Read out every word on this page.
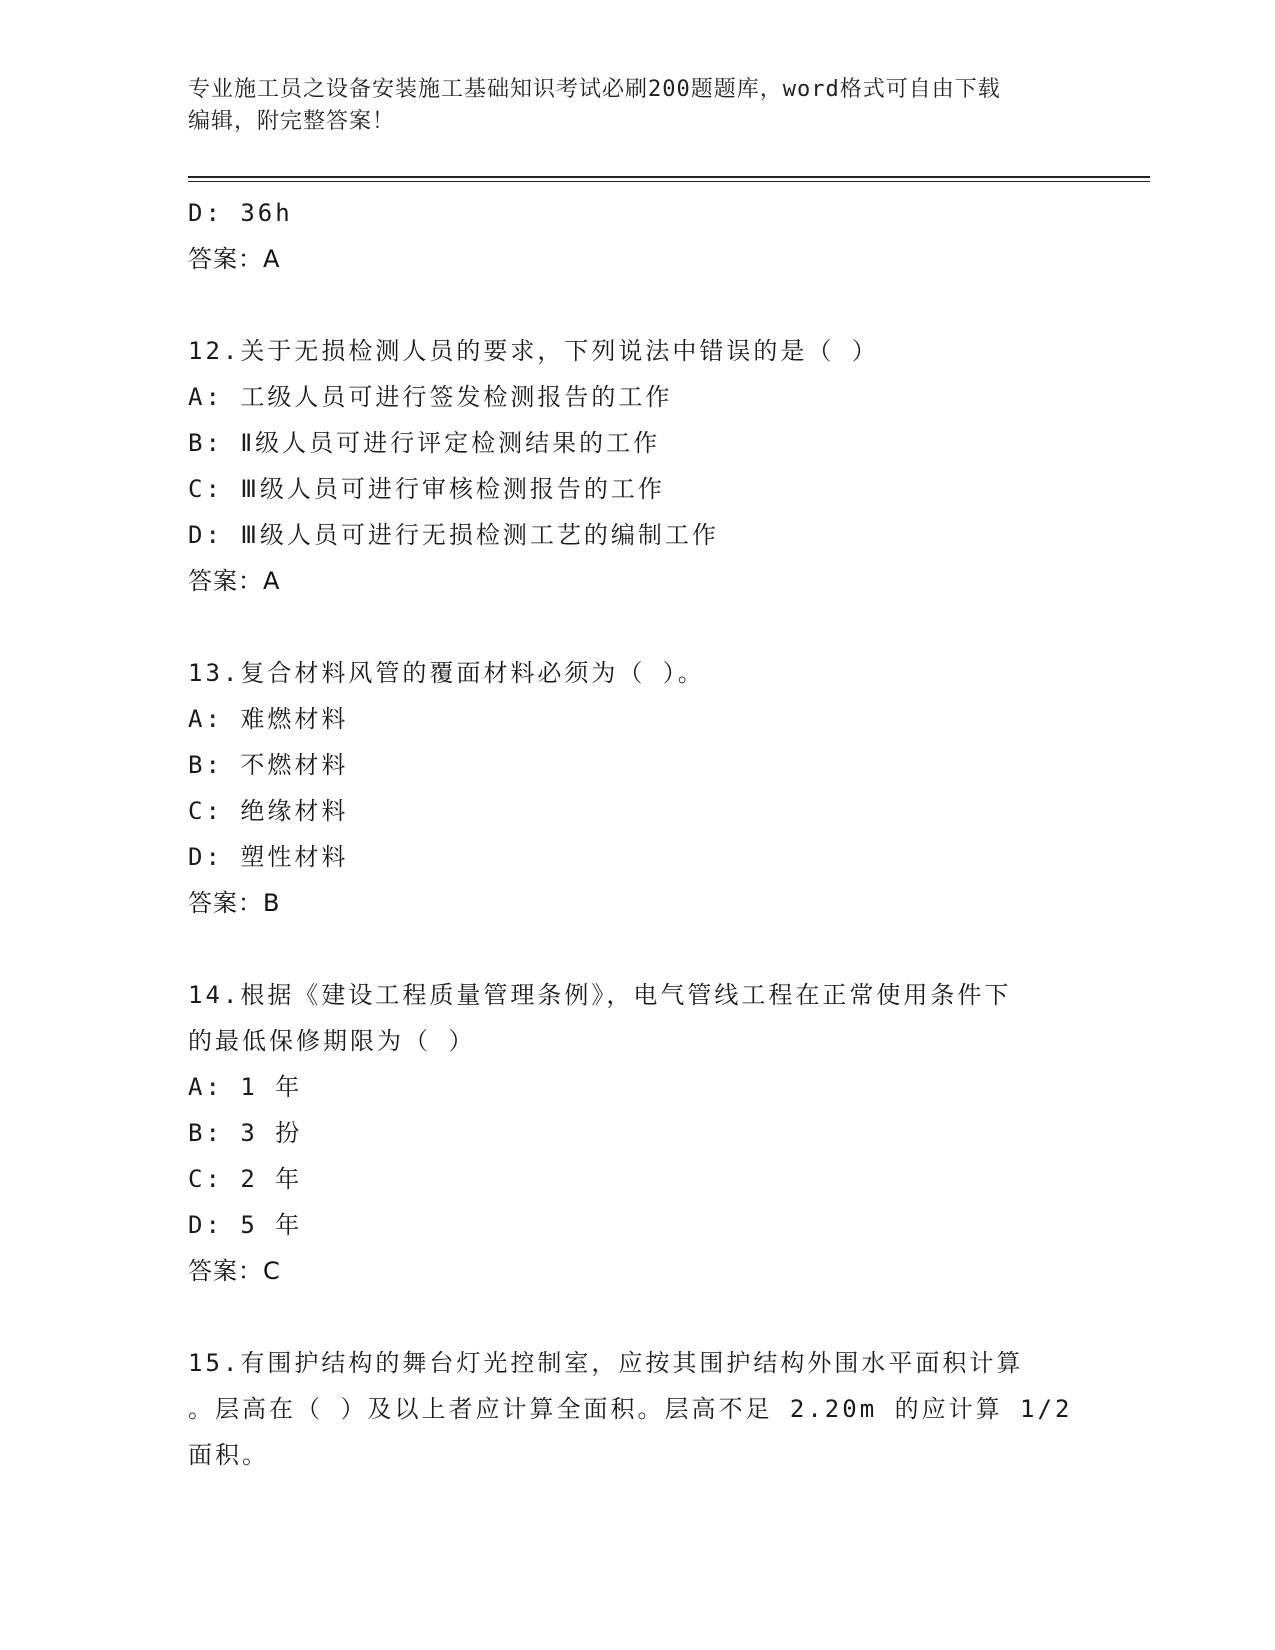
专业施工员之设备安装施工基础知识考试必刷200题题库，word格式可自由下载
编辑，附完整答案！
D: 36h
答案：A
12.关于无损检测人员的要求，下列说法中错误的是（ ）
A: 工级人员可进行签发检测报告的工作
B: Ⅱ级人员可进行评定检测结果的工作
C: Ⅲ级人员可进行审核检测报告的工作
D: Ⅲ级人员可进行无损检测工艺的编制工作
答案：A
13.复合材料风管的覆面材料必须为（ ）。
A: 难燃材料
B: 不燃材料
C: 绝缘材料
D: 塑性材料
答案：B
14.根据《建设工程质量管理条例》，电气管线工程在正常使用条件下
的最低保修期限为（ ）
A: 1 年
B: 3 扮
C: 2 年
D: 5 年
答案：C
15.有围护结构的舞台灯光控制室，应按其围护结构外围水平面积计算
。层高在（ ）及以上者应计算全面积。层高不足 2.20m 的应计算 1/2
面积。
